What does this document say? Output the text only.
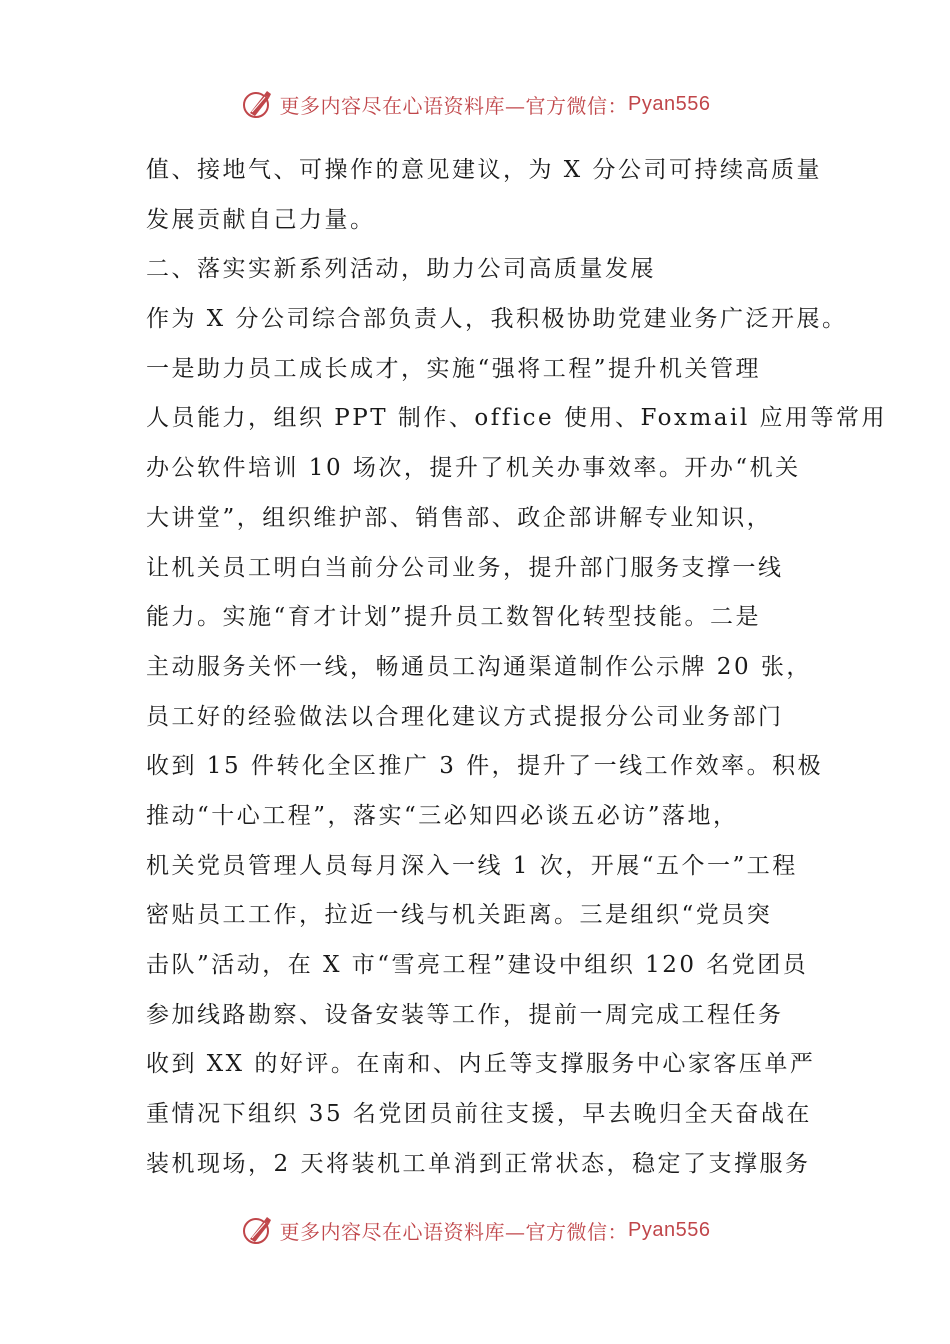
更多内容尽在心语资料库—官方微信： Pyan556
值、接地气、可操作的意见建议，为 X 分公司可持续高质量
发展贡献自己力量。
二、落实实新系列活动，助力公司高质量发展
作为 X 分公司综合部负责人，我积极协助党建业务广泛开展。
一是助力员工成长成才，实施“强将工程”提升机关管理
人员能力，组织 PPT 制作、office 使用、Foxmail 应用等常用
办公软件培训 10 场次，提升了机关办事效率。开办“机关
大讲堂”，组织维护部、销售部、政企部讲解专业知识，
让机关员工明白当前分公司业务，提升部门服务支撑一线
能力。实施“育才计划”提升员工数智化转型技能。二是
主动服务关怀一线，畅通员工沟通渠道制作公示牌 20 张，
员工好的经验做法以合理化建议方式提报分公司业务部门
收到 15 件转化全区推广 3 件，提升了一线工作效率。积极
推动“十心工程”，落实“三必知四必谈五必访”落地，
机关党员管理人员每月深入一线 1 次，开展“五个一”工程
密贴员工工作，拉近一线与机关距离。三是组织“党员突
击队”活动，在 X 市“雪亮工程”建设中组织 120 名党团员
参加线路勘察、设备安装等工作，提前一周完成工程任务
收到 XX 的好评。在南和、内丘等支撑服务中心家客压单严
重情况下组织 35 名党团员前往支援，早去晚归全天奋战在
装机现场，2 天将装机工单消到正常状态，稳定了支撑服务
更多内容尽在心语资料库—官方微信： Pyan556
